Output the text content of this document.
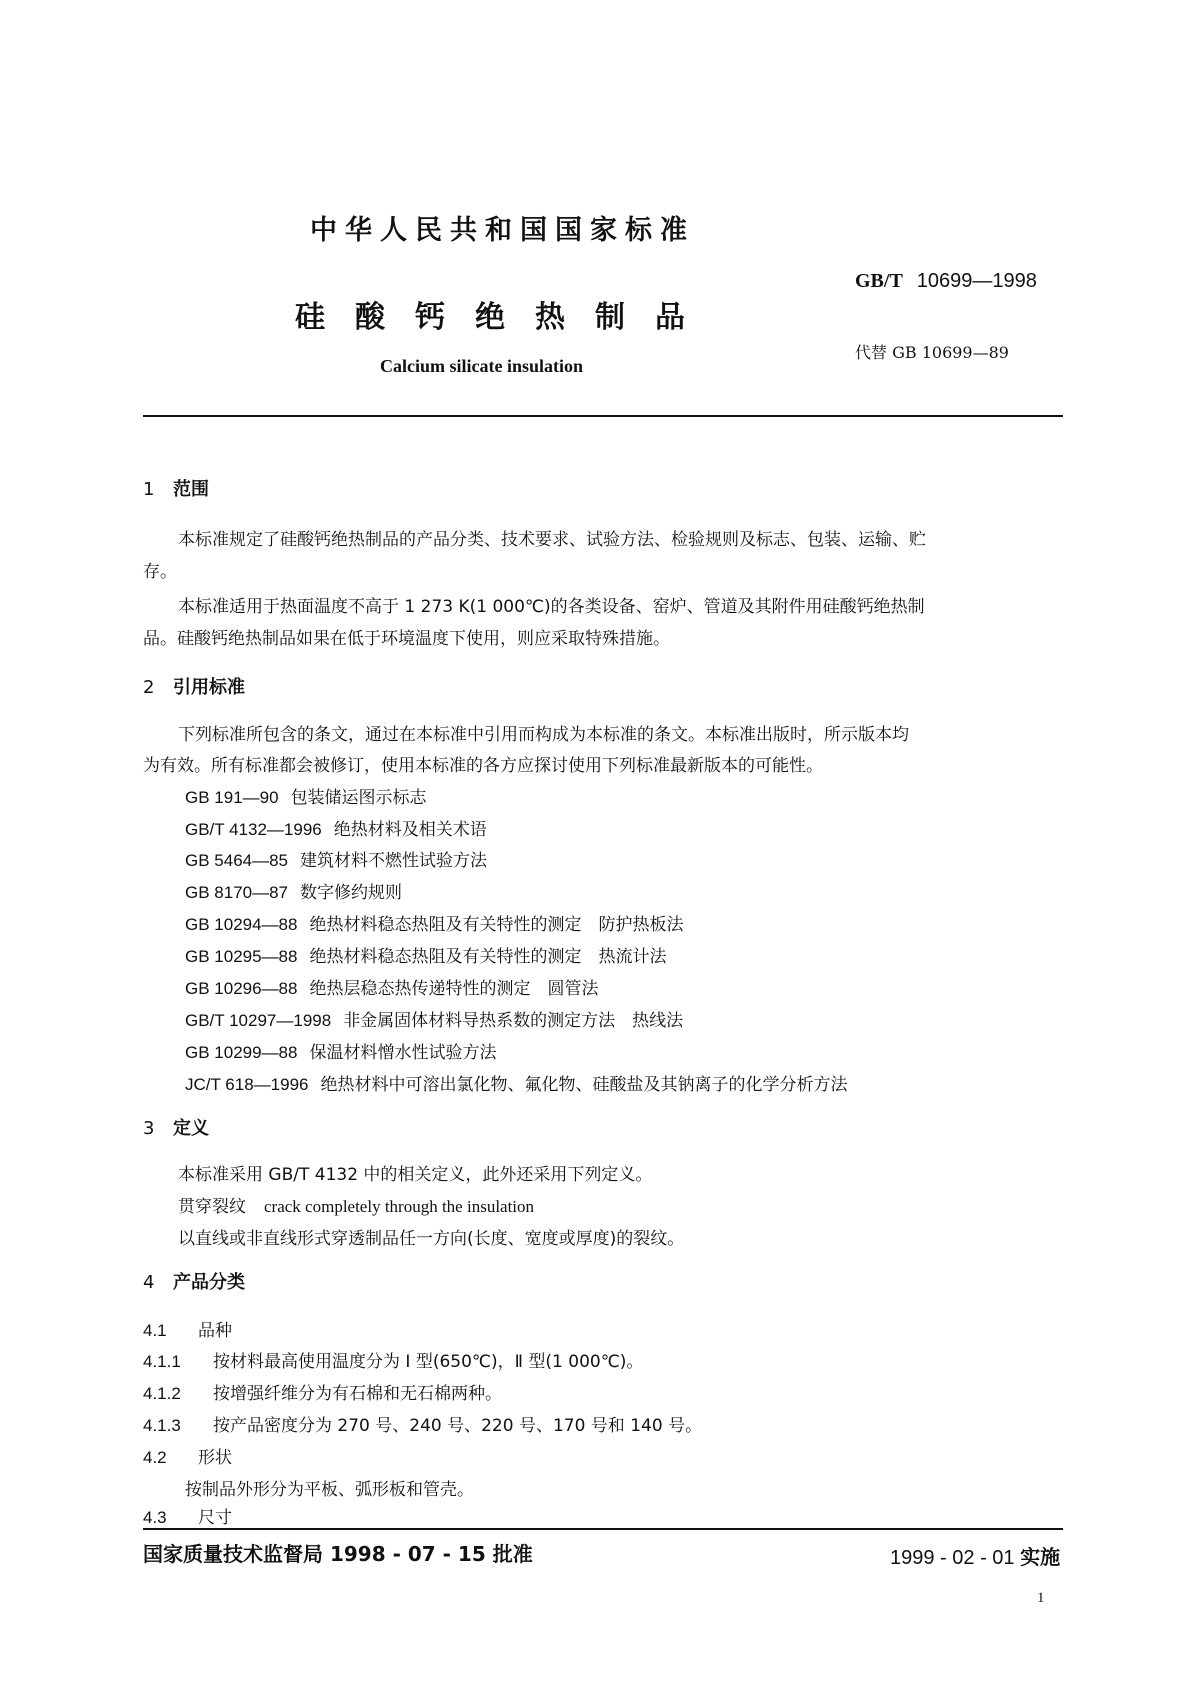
中华人民共和国国家标准
GB/T 10699—1998
硅酸钙绝热制品
代替 GB 10699—89
Calcium silicate insulation
1 范围
本标准规定了硅酸钙绝热制品的产品分类、技术要求、试验方法、检验规则及标志、包装、运输、贮
存。
本标准适用于热面温度不高于 1 273 K(1 000℃)的各类设备、窑炉、管道及其附件用硅酸钙绝热制
品。硅酸钙绝热制品如果在低于环境温度下使用，则应采取特殊措施。
2 引用标准
下列标准所包含的条文，通过在本标准中引用而构成为本标准的条文。本标准出版时，所示版本均
为有效。所有标准都会被修订，使用本标准的各方应探讨使用下列标准最新版本的可能性。
GB 191—90 包装储运图示标志
GB/T 4132—1996 绝热材料及相关术语
GB 5464—85 建筑材料不燃性试验方法
GB 8170—87 数字修约规则
GB 10294—88 绝热材料稳态热阻及有关特性的测定　防护热板法
GB 10295—88 绝热材料稳态热阻及有关特性的测定　热流计法
GB 10296—88 绝热层稳态热传递特性的测定　圆管法
GB/T 10297—1998 非金属固体材料导热系数的测定方法　热线法
GB 10299—88 保温材料憎水性试验方法
JC/T 618—1996 绝热材料中可溶出氯化物、氟化物、硅酸盐及其钠离子的化学分析方法
3 定义
本标准采用 GB/T 4132 中的相关定义，此外还采用下列定义。
贯穿裂纹 crack completely through the insulation
以直线或非直线形式穿透制品任一方向(长度、宽度或厚度)的裂纹。
4 产品分类
4.1 品种
4.1.1 按材料最高使用温度分为 Ⅰ 型(650℃)，Ⅱ 型(1 000℃)。
4.1.2 按增强纤维分为有石棉和无石棉两种。
4.1.3 按产品密度分为 270 号、240 号、220 号、170 号和 140 号。
4.2 形状
按制品外形分为平板、弧形板和管壳。
4.3 尺寸
国家质量技术监督局 1998 - 07 - 15 批准	1999 - 02 - 01 实施
1
